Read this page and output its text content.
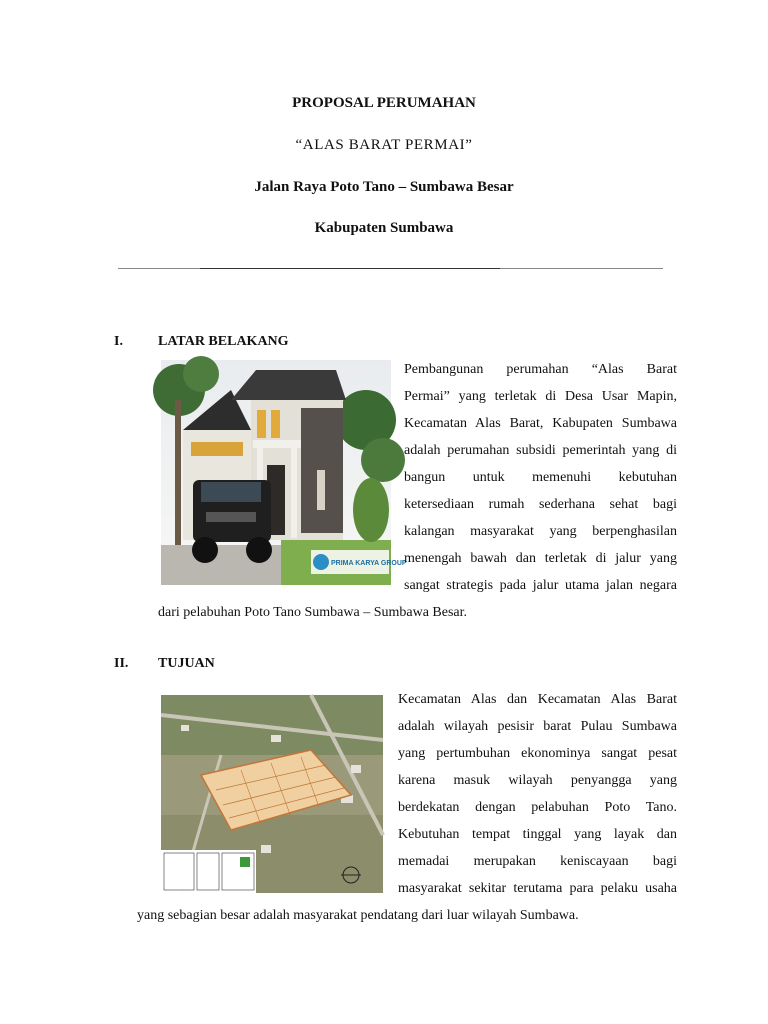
PROPOSAL PERUMAHAN

“ALAS BARAT PERMAI”

Jalan Raya Poto Tano – Sumbawa Besar

Kabupaten Sumbawa

I.	LATAR BELAKANG
PRIMA KARYA GROUP

Pembangunan perumahan “Alas Barat

Permai” yang terletak di Desa Usar Mapin,

Kecamatan Alas Barat, Kabupaten Sumbawa

adalah perumahan subsidi pemerintah yang di

bangun untuk memenuhi kebutuhan

ketersediaan rumah sederhana sehat bagi

kalangan masyarakat yang berpenghasilan

menengah bawah dan terletak di jalur yang

sangat strategis pada jalur utama jalan negara

dari pelabuhan Poto Tano Sumbawa – Sumbawa Besar.

II. TUJUAN

Kecamatan Alas dan Kecamatan Alas Barat

adalah wilayah pesisir barat Pulau Sumbawa

yang pertumbuhan ekonominya sangat pesat

karena masuk wilayah penyangga yang

berdekatan dengan pelabuhan Poto Tano.

Kebutuhan tempat tinggal yang layak dan

memadai merupakan keniscayaan bagi

masyarakat sekitar terutama para pelaku usaha

yang sebagian besar adalah masyarakat pendatang dari luar wilayah Sumbawa.
